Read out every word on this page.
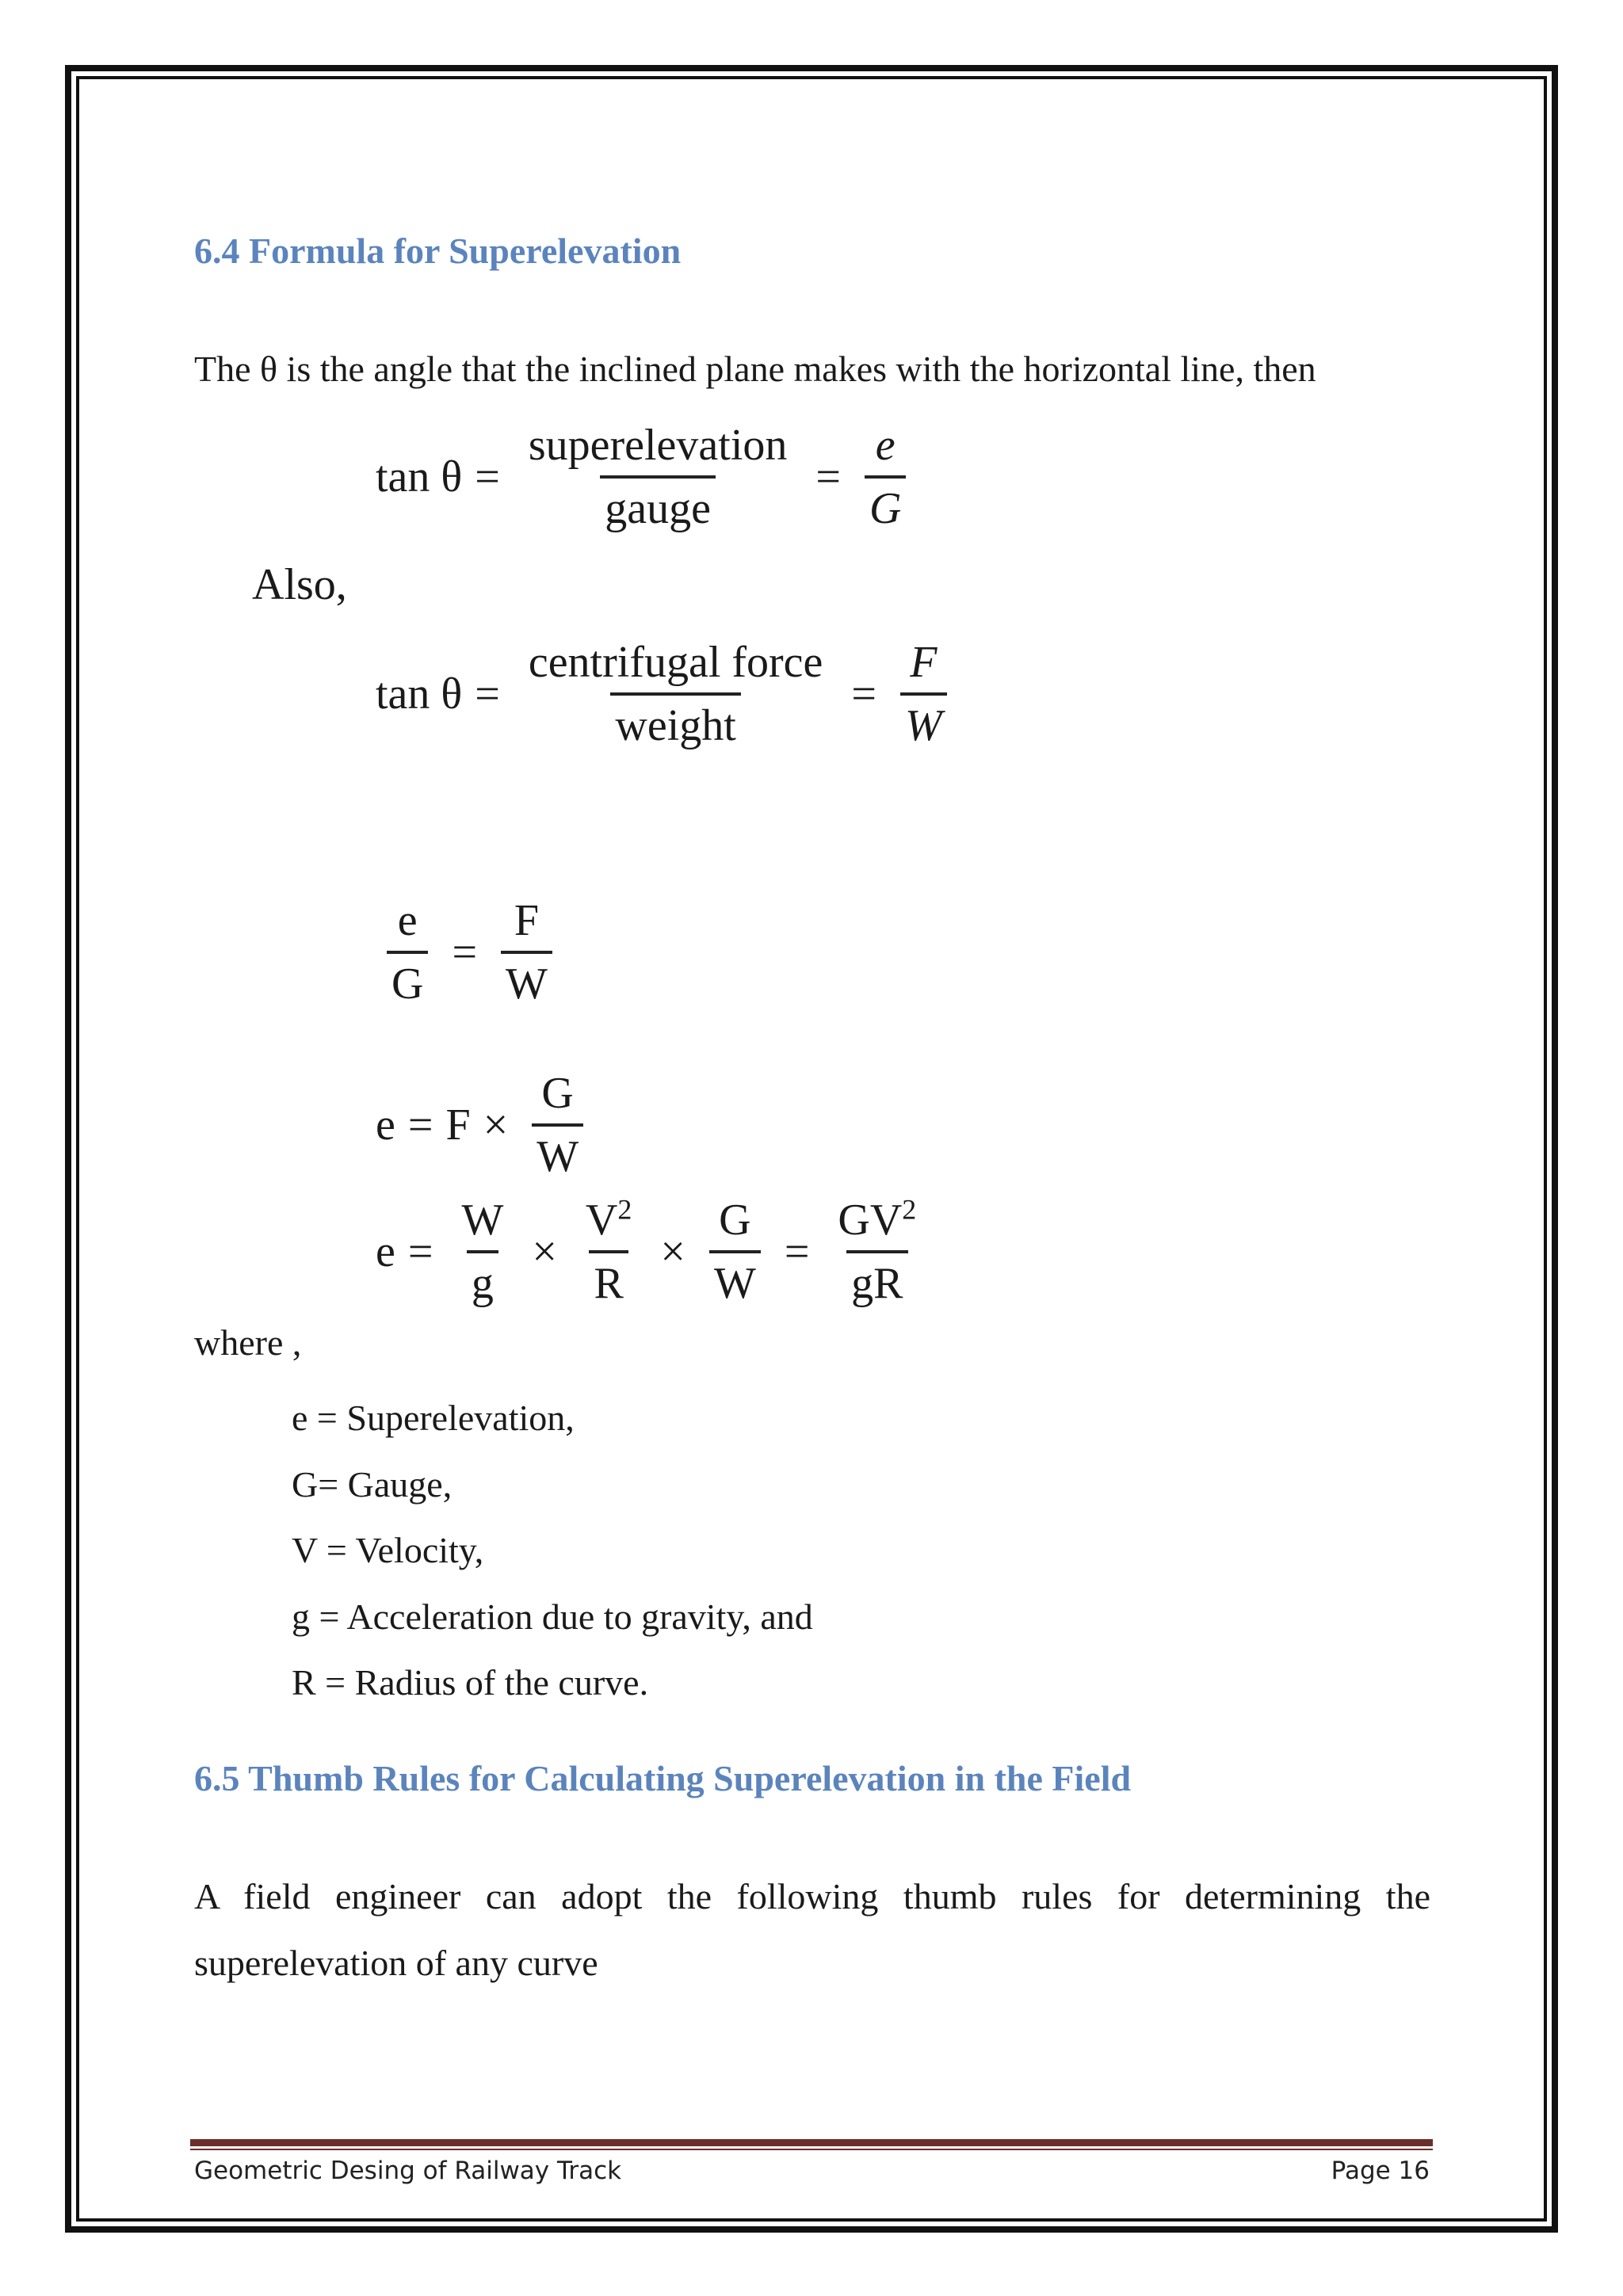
6.4 Formula for Superelevation

The θ is the angle that the inclined plane makes with the horizontal line, then

$\tan \theta = \frac{\text{superelevation}}{\text{gauge}} = \frac{e}{G}$
Also,
$\tan \theta = \frac{\text{centrifugal force}}{\text{weight}} = \frac{F}{W}$
$\frac{e}{G} = \frac{F}{W}$
$e = F \times \frac{G}{W}$
$e = \frac{W}{g} \times \frac{V^2}{R} \times \frac{G}{W} = \frac{GV^2}{gR}$
where ,
e = Superelevation,
G= Gauge,
V = Velocity,
g = Acceleration due to gravity, and
R = Radius of the curve.
6.5 Thumb Rules for Calculating Superelevation in the Field

A field engineer can adopt the following thumb rules for determining the superelevation of any curve

Geometric Desing of Railway Track	Page 16
